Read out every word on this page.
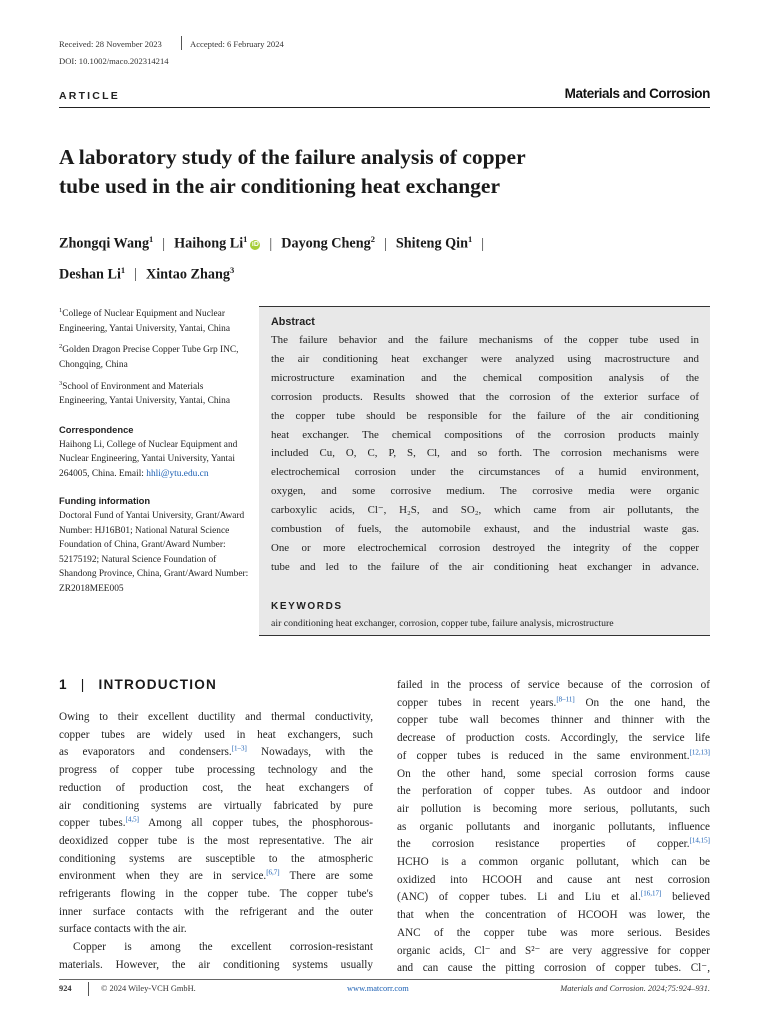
Received: 28 November 2023	Accepted: 6 February 2024
DOI: 10.1002/maco.202314214
ARTICLE	Materials and Corrosion
A laboratory study of the failure analysis of copper
tube used in the air conditioning heat exchanger
Zhongqi Wang$^1$ | Haihong Li$^1$iD | Dayong Cheng$^2$ | Shiteng Qin$^1$ |
Deshan Li$^1$ | Xintao Zhang$^3$
$^1$College of Nuclear Equipment and Nuclear Engineering, Yantai University, Yantai, China
$^2$Golden Dragon Precise Copper Tube Grp INC, Chongqing, China
$^3$School of Environment and Materials Engineering, Yantai University, Yantai, China
Correspondence
Haihong Li, College of Nuclear Equipment and Nuclear Engineering, Yantai University, Yantai 264005, China. Email: hhli@ytu.edu.cn
Funding information
Doctoral Fund of Yantai University, Grant/Award Number: HJ16B01; National Natural Science Foundation of China, Grant/Award Number: 52175192; Natural Science Foundation of Shandong Province, China, Grant/Award Number: ZR2018MEE005
Abstract
The failure behavior and the failure mechanisms of the copper tube used in
the air conditioning heat exchanger were analyzed using macrostructure and
microstructure examination and the chemical composition analysis of the
corrosion products. Results showed that the corrosion of the exterior surface of
the copper tube should be responsible for the failure of the air conditioning
heat exchanger. The chemical compositions of the corrosion products mainly
included Cu, O, C, P, S, Cl, and so forth. The corrosion mechanisms were
electrochemical corrosion under the circumstances of a humid environment,
oxygen, and some corrosive medium. The corrosive media were organic
carboxylic acids, Cl⁻, H₂S, and SO₂, which came from air pollutants, the
combustion of fuels, the automobile exhaust, and the industrial waste gas.
One or more electrochemical corrosion destroyed the integrity of the copper
tube and led to the failure of the air conditioning heat exchanger in advance.
KEYWORDS
air conditioning heat exchanger, corrosion, copper tube, failure analysis, microstructure
1 | INTRODUCTION
Owing to their excellent ductility and thermal conductivity,
copper tubes are widely used in heat exchangers, such
as evaporators and condensers.[1–3] Nowadays, with the
progress of copper tube processing technology and the
reduction of production cost, the heat exchangers of
air conditioning systems are virtually fabricated by pure
copper tubes.[4,5] Among all copper tubes, the phosphorous-
deoxidized copper tube is the most representative. The air
conditioning systems are susceptible to the atmospheric
environment when they are in service.[6,7] There are some
refrigerants flowing in the copper tube. The copper tube's
inner surface contacts with the refrigerant and the outer
surface contacts with the air.
Copper is among the excellent corrosion-resistant
materials. However, the air conditioning systems usually
failed in the process of service because of the corrosion of
copper tubes in recent years.[8–11] On the one hand, the
copper tube wall becomes thinner and thinner with the
decrease of production costs. Accordingly, the service life
of copper tubes is reduced in the same environment.[12,13]
On the other hand, some special corrosion forms cause
the perforation of copper tubes. As outdoor and indoor
air pollution is becoming more serious, pollutants, such
as organic pollutants and inorganic pollutants, influence
the corrosion resistance properties of copper.[14,15]
HCHO is a common organic pollutant, which can be
oxidized into HCOOH and cause ant nest corrosion
(ANC) of copper tubes. Li and Liu et al.[16,17] believed
that when the concentration of HCOOH was lower, the
ANC of the copper tube was more serious. Besides
organic acids, Cl⁻ and S²⁻ are very aggressive for copper
and can cause the pitting corrosion of copper tubes. Cl⁻,
924	© 2024 Wiley-VCH GmbH.	www.matcorr.com	Materials and Corrosion. 2024;75:924–931.
